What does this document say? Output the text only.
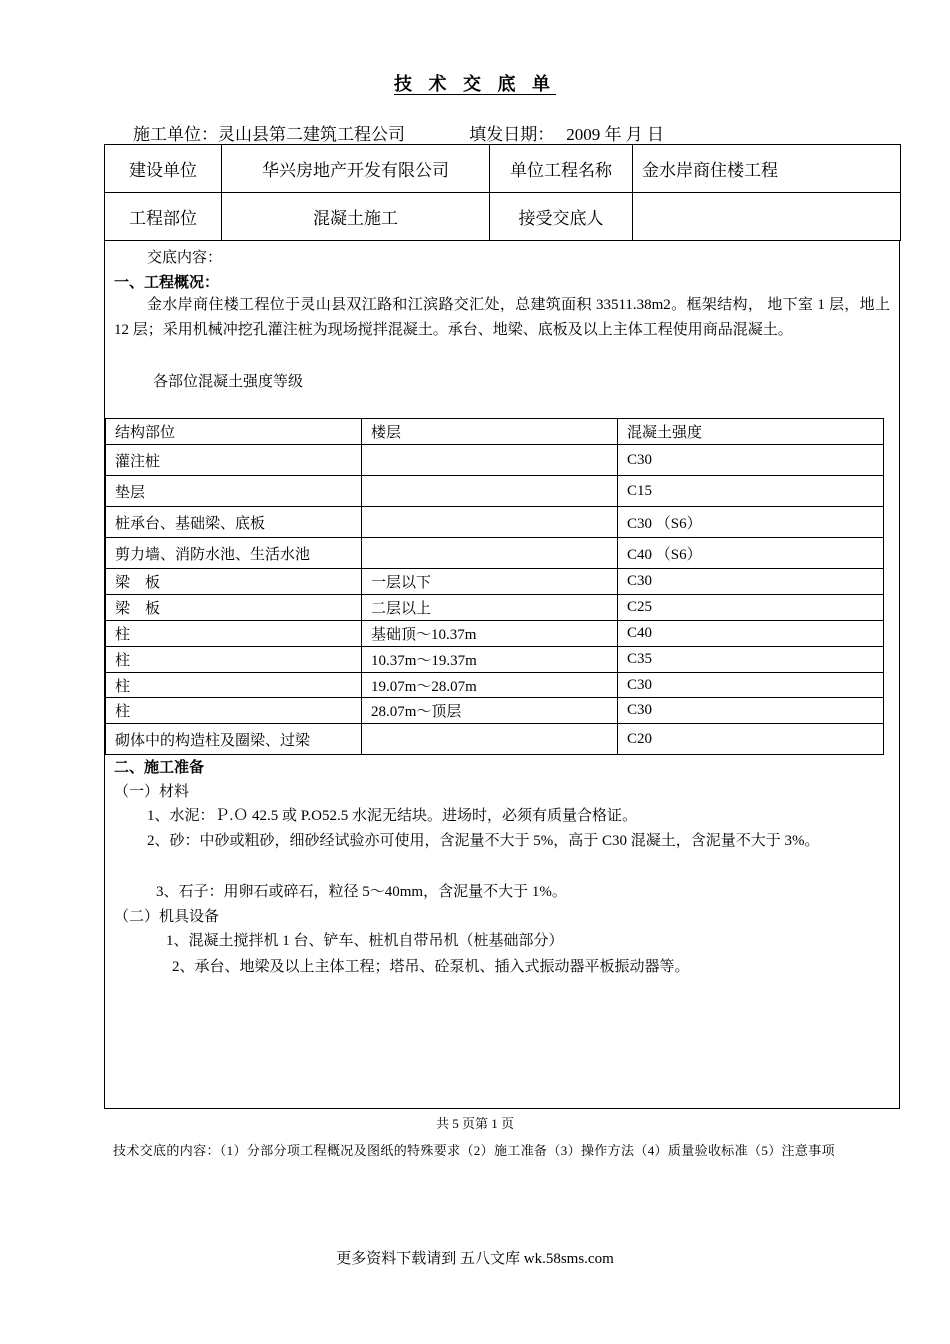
技 术 交 底 单
施工单位：灵山县第二建筑工程公司	填发日期： 2009 年 月 日
建设单位	华兴房地产开发有限公司	单位工程名称	金水岸商住楼工程
工程部位	混凝土施工	接受交底人	
交底内容：
一、工程概况：
金水岸商住楼工程位于灵山县双江路和江滨路交汇处，总建筑面积 33511.38m2。框架结构， 地下室 1 层，地上 12 层；采用机械冲挖孔灌注桩为现场搅拌混凝土。承台、地梁、底板及以上主体工程使用商品混凝土。
各部位混凝土强度等级
结构部位	楼层	混凝土强度
灌注桩		C30
垫层		C15
桩承台、基础梁、底板		C30 （S6）
剪力墙、消防水池、生活水池		C40 （S6）
梁    板	一层以下	C30
梁    板	二层以上	C25
柱	基础顶～10.37m	C40
柱	10.37m～19.37m	C35
柱	19.07m～28.07m	C30
柱	28.07m～顶层	C30
砌体中的构造柱及圈梁、过梁		C20
二、施工准备
（一）材料
1、水泥：Ｐ.Ｏ 42.5 或 P.O52.5 水泥无结块。进场时，必须有质量合格证。
2、砂：中砂或粗砂，细砂经试验亦可使用，含泥量不大于 5%，高于 C30 混凝土，含泥量不大于 3%。
3、石子：用卵石或碎石，粒径 5～40mm，含泥量不大于 1%。
（二）机具设备
1、混凝土搅拌机 1 台、铲车、桩机自带吊机（桩基础部分）
2、承台、地梁及以上主体工程；塔吊、砼泵机、插入式振动器平板振动器等。
共 5 页第 1 页
技术交底的内容：（1）分部分项工程概况及图纸的特殊要求（2）施工准备（3）操作方法（4）质量验收标准（5）注意事项
更多资料下载请到 五八文库 wk.58sms.com
